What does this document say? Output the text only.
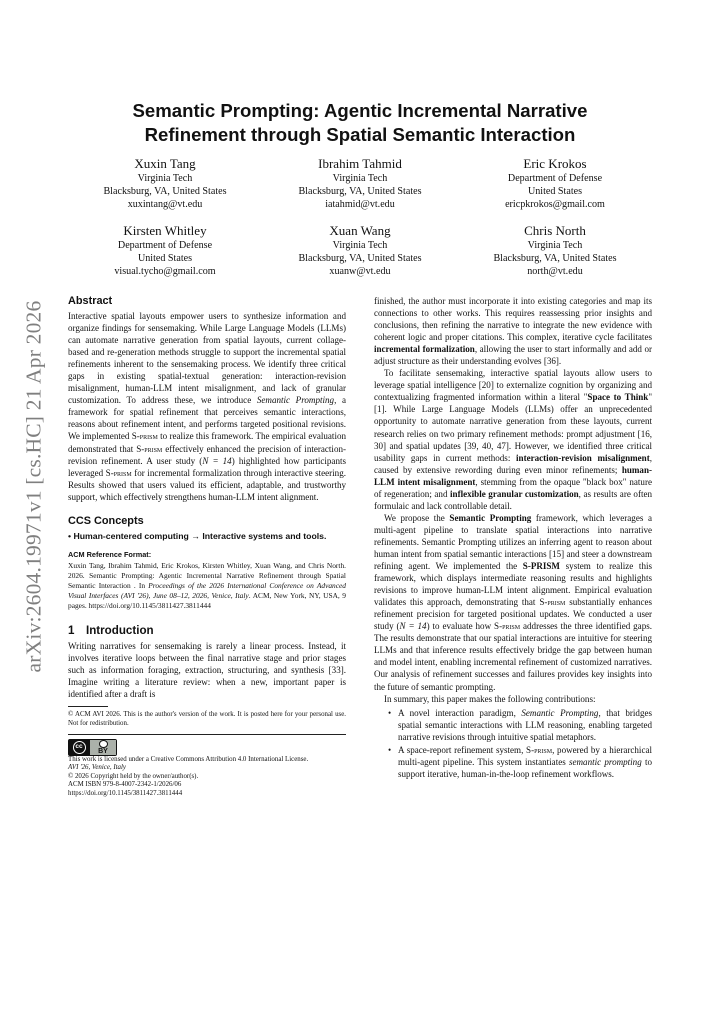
arXiv:2604.19971v1 [cs.HC] 21 Apr 2026
Semantic Prompting: Agentic Incremental Narrative
Refinement through Spatial Semantic Interaction
Xuxin Tang
Virginia Tech
Blacksburg, VA, United States
xuxintang@vt.edu
Ibrahim Tahmid
Virginia Tech
Blacksburg, VA, United States
iatahmid@vt.edu
Eric Krokos
Department of Defense
United States
ericpkrokos@gmail.com
Kirsten Whitley
Department of Defense
United States
visual.tycho@gmail.com
Xuan Wang
Virginia Tech
Blacksburg, VA, United States
xuanw@vt.edu
Chris North
Virginia Tech
Blacksburg, VA, United States
north@vt.edu
Abstract

Interactive spatial layouts empower users to synthesize information and organize findings for sensemaking. While Large Language Models (LLMs) can automate narrative generation from spatial layouts, current collage-based and re-generation methods struggle to support the incremental spatial refinements inherent to the sensemaking process. We identify three critical gaps in existing spatial-textual generation: interaction-revision misalignment, human-LLM intent misalignment, and lack of granular customization. To address these, we introduce Semantic Prompting, a framework for spatial refinement that perceives semantic interactions, reasons about refinement intent, and performs targeted positional revisions. We implemented S-prism to realize this framework. The empirical evaluation demonstrated that S-prism effectively enhanced the precision of interaction-revision refinement. A user study (N = 14) highlighted how participants leveraged S-prism for incremental formalization through interactive steering. Results showed that users valued its efficient, adaptable, and trustworthy support, which effectively strengthens human-LLM intent alignment.

CCS Concepts
• Human-centered computing → Interactive systems and tools.
ACM Reference Format:

Xuxin Tang, Ibrahim Tahmid, Eric Krokos, Kirsten Whitley, Xuan Wang, and Chris North. 2026. Semantic Prompting: Agentic Incremental Narrative Refinement through Spatial Semantic Interaction . In Proceedings of the 2026 International Conference on Advanced Visual Interfaces (AVI '26), June 08–12, 2026, Venice, Italy. ACM, New York, NY, USA, 9 pages. https://doi.org/10.1145/3811427.3811444

1 Introduction

Writing narratives for sensemaking is rarely a linear process. Instead, it involves iterative loops between the final narrative stage and prior stages such as information foraging, extraction, structuring, and synthesis [33]. Imagine writing a literature review: when a new, important paper is identified after a draft is

© ACM AVI 2026. This is the author's version of the work. It is posted here for your personal use. Not for redistribution.

cc
BY
This work is licensed under a Creative Commons Attribution 4.0 International License.
AVI '26, Venice, Italy
© 2026 Copyright held by the owner/author(s).
ACM ISBN 979-8-4007-2342-1/2026/06
https://doi.org/10.1145/3811427.3811444

finished, the author must incorporate it into existing categories and map its connections to other works. This requires reassessing prior insights and conclusions, then refining the narrative to integrate the new evidence with coherent logic and proper citations. This complex, iterative cycle facilitates incremental formalization, allowing the user to start informally and add or adjust structure as their understanding evolves [36].

To facilitate sensemaking, interactive spatial layouts allow users to leverage spatial intelligence [20] to externalize cognition by organizing and contextualizing fragmented information within a literal "Space to Think" [1]. While Large Language Models (LLMs) offer an unprecedented opportunity to automate narrative generation from these layouts, current research relies on two primary refinement methods: prompt adjustment [16, 30] and spatial updates [39, 40, 47]. However, we identified three critical usability gaps in current methods: interaction-revision misalignment, caused by extensive rewording during even minor refinements; human-LLM intent misalignment, stemming from the opaque "black box" nature of regeneration; and inflexible granular customization, as results are often formulaic and lack controllable detail.

We propose the Semantic Prompting framework, which leverages a multi-agent pipeline to translate spatial interactions into narrative refinements. Semantic Prompting utilizes an inferring agent to reason about human intent from spatial semantic interactions [15] and steer a downstream refining agent. We implemented the S-PRISM system to realize this framework, which displays intermediate reasoning results and highlights revisions to improve human-LLM intent alignment. Empirical evaluation validates this approach, demonstrating that S-prism substantially enhances refinement precision for targeted positional updates. We conducted a user study (N = 14) to evaluate how S-prism addresses the three identified gaps. The results demonstrate that our spatial interactions are intuitive for steering LLMs and that inference results effectively bridge the gap between human and model intent, enabling incremental refinement of customized narratives. Our analysis of refinement successes and failures provides key insights into the future of semantic prompting.

In summary, this paper makes the following contributions:

• A novel interaction paradigm, Semantic Prompting, that bridges spatial semantic interactions with LLM reasoning, enabling targeted narrative revisions through intuitive spatial metaphors.
• A space-report refinement system, S-prism, powered by a hierarchical multi-agent pipeline. This system instantiates semantic prompting to support iterative, human-in-the-loop refinement workflows.
